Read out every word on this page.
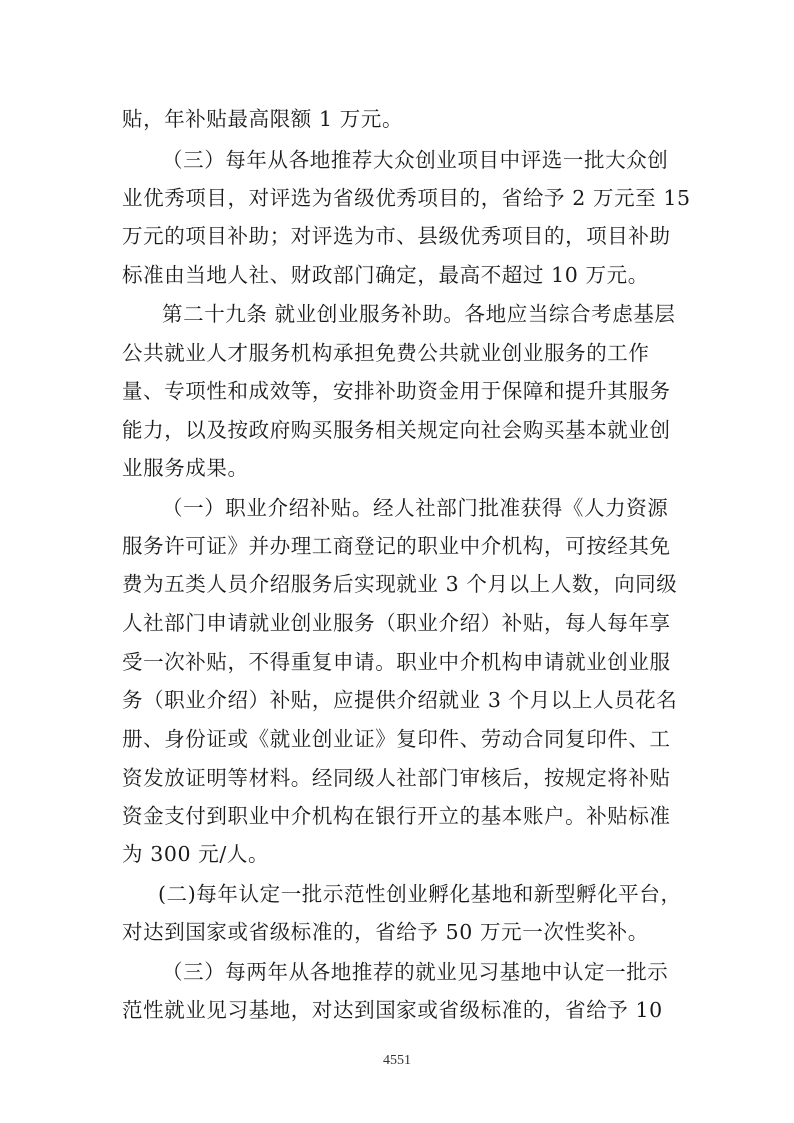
贴，年补贴最高限额 1 万元。
（三）每年从各地推荐大众创业项目中评选一批大众创
业优秀项目，对评选为省级优秀项目的，省给予 2 万元至 15
万元的项目补助；对评选为市、县级优秀项目的，项目补助
标准由当地人社、财政部门确定，最高不超过 10 万元。
第二十九条 就业创业服务补助。各地应当综合考虑基层
公共就业人才服务机构承担免费公共就业创业服务的工作
量、专项性和成效等，安排补助资金用于保障和提升其服务
能力，以及按政府购买服务相关规定向社会购买基本就业创
业服务成果。
（一）职业介绍补贴。经人社部门批准获得《人力资源
服务许可证》并办理工商登记的职业中介机构，可按经其免
费为五类人员介绍服务后实现就业 3 个月以上人数，向同级
人社部门申请就业创业服务（职业介绍）补贴，每人每年享
受一次补贴，不得重复申请。职业中介机构申请就业创业服
务（职业介绍）补贴，应提供介绍就业 3 个月以上人员花名
册、身份证或《就业创业证》复印件、劳动合同复印件、工
资发放证明等材料。经同级人社部门审核后，按规定将补贴
资金支付到职业中介机构在银行开立的基本账户。补贴标准
为 300 元/人。
(二)每年认定一批示范性创业孵化基地和新型孵化平台，
对达到国家或省级标准的，省给予 50 万元一次性奖补。
（三）每两年从各地推荐的就业见习基地中认定一批示
范性就业见习基地，对达到国家或省级标准的，省给予 10
4551
